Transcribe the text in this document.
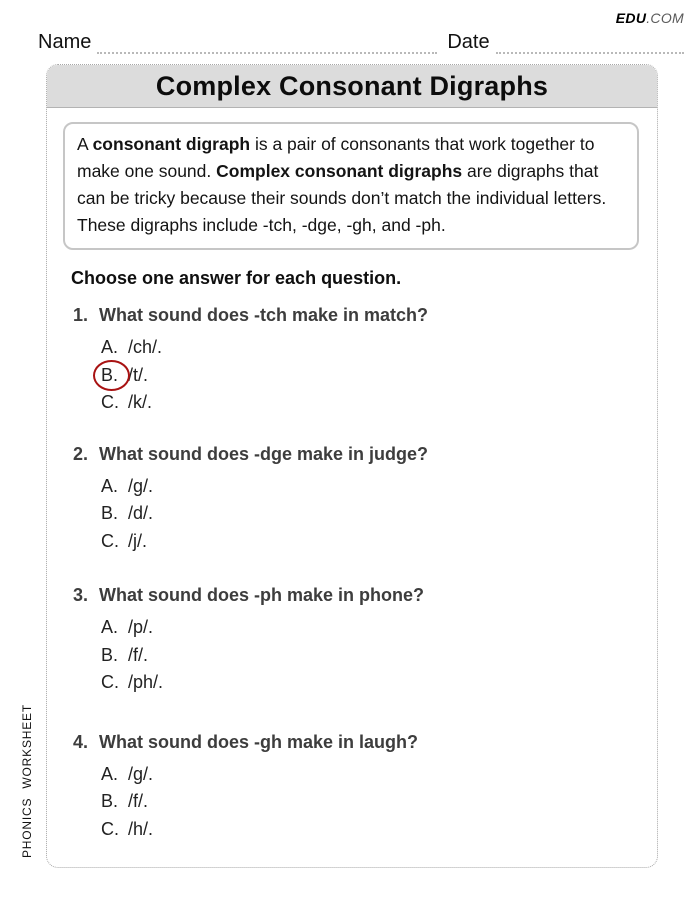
EDU.COM
Name	Date
Complex Consonant Digraphs
A consonant digraph is a pair of consonants that work together to make one sound. Complex consonant digraphs are digraphs that can be tricky because their sounds don’t match the individual letters. These digraphs include -tch, -dge, -gh, and -ph.
Choose one answer for each question.
1. What sound does -tch make in match?
A. /ch/.
B. /t/.
C. /k/.
2. What sound does -dge make in judge?
A. /g/.
B. /d/.
C. /j/.
3. What sound does -ph make in phone?
A. /p/.
B. /f/.
C. /ph/.
4. What sound does -gh make in laugh?
A. /g/.
B. /f/.
C. /h/.
PHONICS WORKSHEET
